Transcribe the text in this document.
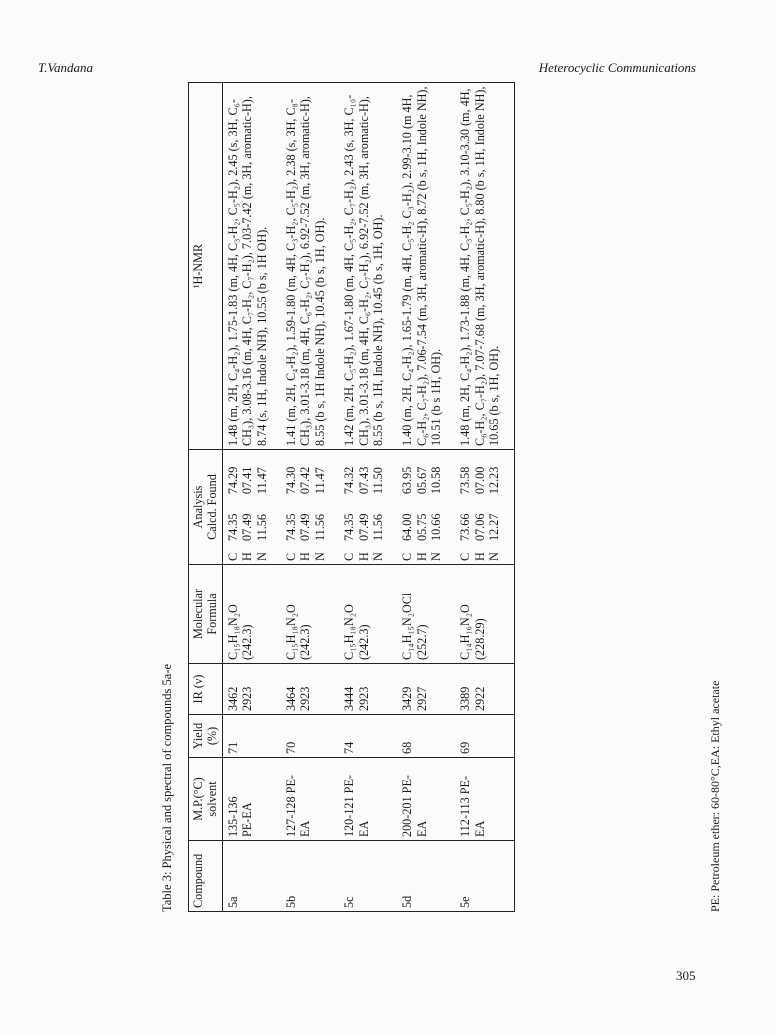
T.Vandana	Heterocyclic Communications
Table 3: Physical and spectral of compounds 5a-e Compound	M.P.(°C) solvent	Yield (%)	IR (ν)	Molecular Formula	Analysis Calcd. Found			¹H-NMR
5a	135-136 PE-EA	71	3462 2923	C₁₅H₁₈N₂O (242.3)	C H N	74.35 07.49 11.56	74.29 07.41 11.47	1.48 (m, 2H, C₄-H₂), 1.75-1.83 (m, 4H, C₃-H₂, C₅-H₂), 2.45 (s, 3H, C₆-CH₃), 3.08-3.16 (m, 4H, C₇-H₂, C₇-H₂), 7.03-7.42 (m, 3H, aromatic-H), 8.74 (s, 1H, Indole NH), 10.55 (b s, 1H OH).
5b	127-128 PE- EA	70	3464 2923	C₁₅H₁₈N₂O (242.3)	C H N	74.35 07.49 11.56	74.30 07.42 11.47	1.41 (m, 2H, C₄-H₂), 1.59-1.80 (m, 4H, C₃-H₂, C₅-H₂), 2.38 (s, 3H, C₈-CH₃), 3.01-3.18 (m, 4H, C₆-H₂, C₇-H₂), 6.92-7.52 (m, 3H, aromatic-H), 8.55 (b s, 1H Indole NH), 10.45 (b s, 1H, OH).
5c	120-121 PE- EA	74	3444 2923	C₁₅H₁₈N₂O (242.3)	C H N	74.35 07.49 11.56	74.32 07.43 11.50	1.42 (m, 2H, C₅-H₂), 1.67-1.80 (m, 4H, C₅-H₂, C₇-H₂), 2.43 (s, 3H, C₁₀-CH₃), 3.01-3.18 (m, 4H, C₆-H₂, C₇-H₂), 6.92-7.52 (m, 3H, aromatic-H), 8.55 (b s, 1H, Indole NH), 10.45 (b s, 1H, OH).
5d	200-201 PE- EA	68	3429 2927	C₁₄H₁₅N₂OCl (252.7)	C H N	64.00 05.75 10.66	63.95 05.67 10.58	1.40 (m, 2H, C₄-H₂), 1.65-1.79 (m, 4H, C₅-H₂ C₃-H₂), 2.99-3.10 (m 4H, C₆-H₂, C₇-H₂), 7.06-7.54 (m, 3H, aromatic-H), 8.72 (b s, 1H, Indole NH), 10.51 (b s 1H, OH).
5e	112-113 PE- EA	69	3389 2922	C₁₄H₁₆N₂O (228.29)	C H N	73.66 07.06 12.27	73.58 07.00 12.23	1.48 (m, 2H, C₄-H₂), 1.73-1.88 (m, 4H, C₃-H₂, C₅-H₂), 3.10-3.30 (m, 4H, C₆-H₂, C₇-H₂), 7.07-7.68 (m, 3H, aromatic-H), 8.80 (b s, 1H, Indole NH), 10.65 (b s, 1H, OH).
PE: Petroleum ether: 60-80°C,EA: Ethyl acetate
305
